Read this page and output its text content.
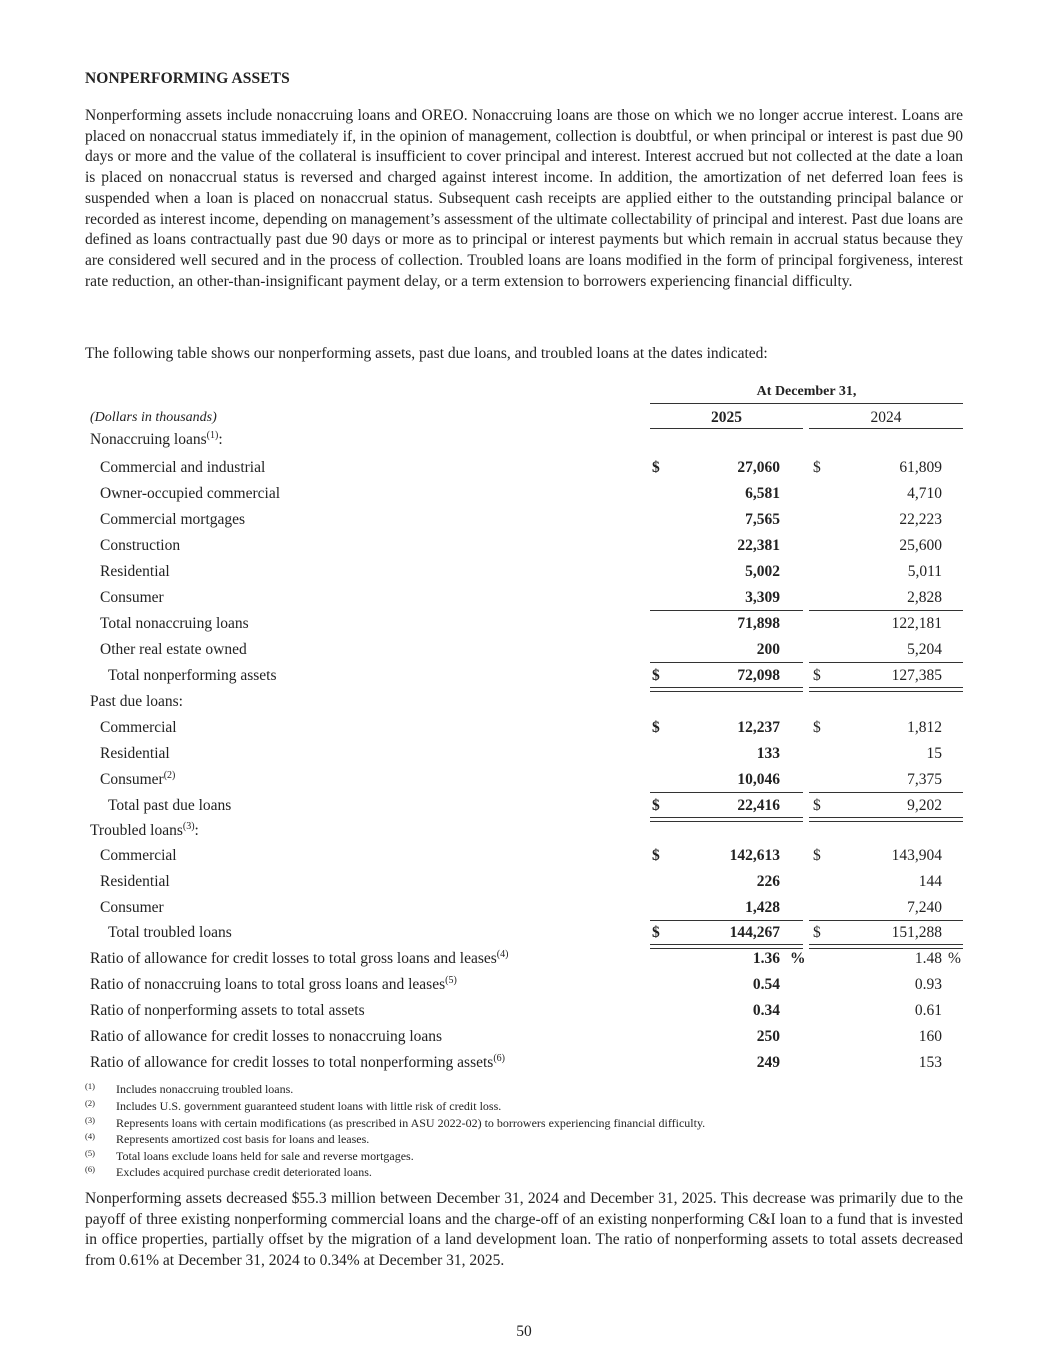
NONPERFORMING ASSETS

Nonperforming assets include nonaccruing loans and OREO. Nonaccruing loans are those on which we no longer accrue interest. Loans are placed on nonaccrual status immediately if, in the opinion of management, collection is doubtful, or when principal or interest is past due 90 days or more and the value of the collateral is insufficient to cover principal and interest. Interest accrued but not collected at the date a loan is placed on nonaccrual status is reversed and charged against interest income. In addition, the amortization of net deferred loan fees is suspended when a loan is placed on nonaccrual status. Subsequent cash receipts are applied either to the outstanding principal balance or recorded as interest income, depending on management’s assessment of the ultimate collectability of principal and interest. Past due loans are defined as loans contractually past due 90 days or more as to principal or interest payments but which remain in accrual status because they are considered well secured and in the process of collection. Troubled loans are loans modified in the form of principal forgiveness, interest rate reduction, an other-than-insignificant payment delay, or a term extension to borrowers experiencing financial difficulty.

The following table shows our nonperforming assets, past due loans, and troubled loans at the dates indicated:

At December 31,
(Dollars in thousands)	2025	2024
Nonaccruing loans$^{(1)}$:
Commercial and industrial	$	27,060 $	61,809
Owner-occupied commercial	6,581	4,710
Commercial mortgages	7,565	22,223
Construction	22,381	25,600
Residential	5,002	5,011
Consumer	3,309	2,828
Total nonaccruing loans	71,898	122,181
Other real estate owned	200	5,204
Total nonperforming assets	$	72,098 $	127,385
Past due loans:
Commercial	$	12,237 $	1,812
Residential	133	15
Consumer$^{(2)}$	10,046	7,375
Total past due loans	$	22,416 $	9,202
Troubled loans$^{(3)}$:
Commercial	$	142,613 $	143,904
Residential	226	144
Consumer	1,428	7,240
Total troubled loans	$	144,267 $	151,288
Ratio of allowance for credit losses to total gross loans and leases$^{(4)}$	1.36 %	1.48 %
Ratio of nonaccruing loans to total gross loans and leases$^{(5)}$	0.54	0.93
Ratio of nonperforming assets to total assets	0.34	0.61
Ratio of allowance for credit losses to nonaccruing loans	250	160
Ratio of allowance for credit losses to total nonperforming assets$^{(6)}$	249	153
(1) Includes nonaccruing troubled loans.
(2) Includes U.S. government guaranteed student loans with little risk of credit loss.
(3) Represents loans with certain modifications (as prescribed in ASU 2022-02) to borrowers experiencing financial difficulty.
(4) Represents amortized cost basis for loans and leases.
(5) Total loans exclude loans held for sale and reverse mortgages.
(6) Excludes acquired purchase credit deteriorated loans.

Nonperforming assets decreased $55.3 million between December 31, 2024 and December 31, 2025. This decrease was primarily due to the payoff of three existing nonperforming commercial loans and the charge-off of an existing nonperforming C&I loan to a fund that is invested in office properties, partially offset by the migration of a land development loan. The ratio of nonperforming assets to total assets decreased from 0.61% at December 31, 2024 to 0.34% at December 31, 2025.

50
